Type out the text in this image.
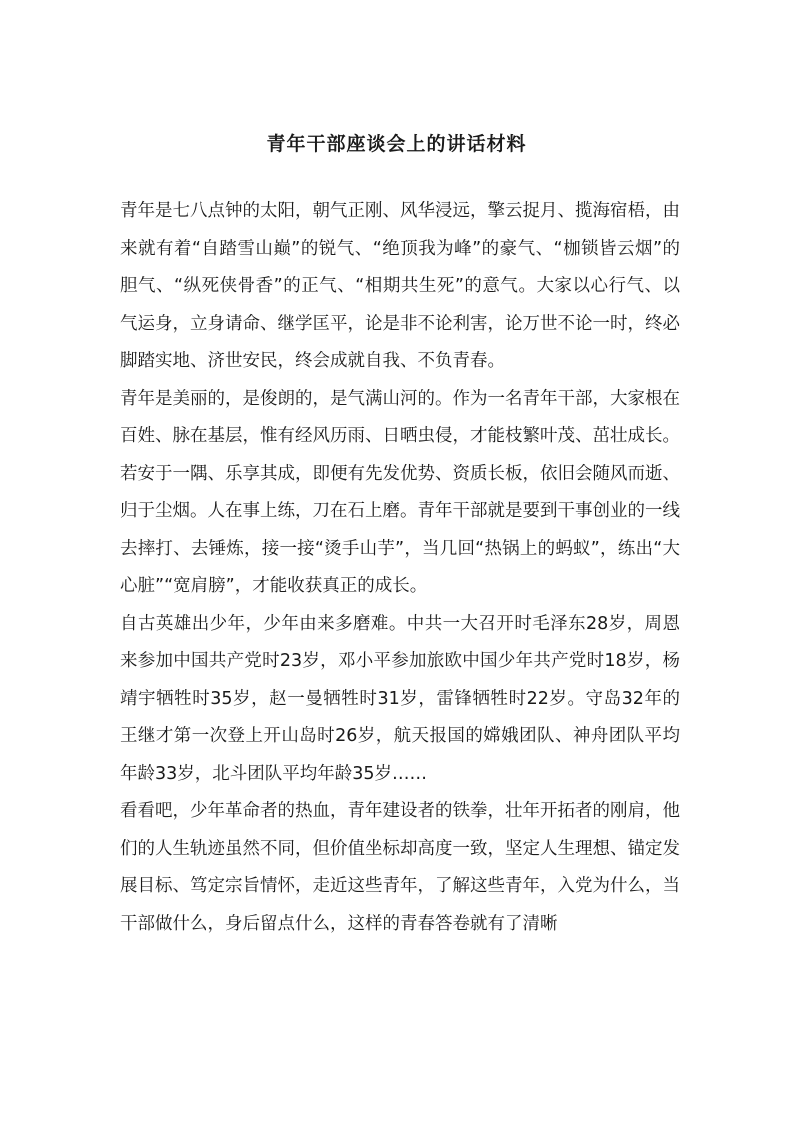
青年干部座谈会上的讲话材料

青年是七八点钟的太阳，朝气正刚、风华浸远，擎云捉月、揽海宿梧，由来就有着“自踏雪山巅”的锐气、“绝顶我为峰”的豪气、“枷锁皆云烟”的胆气、“纵死侠骨香”的正气、“相期共生死”的意气。大家以心行气、以气运身，立身请命、继学匡平，论是非不论利害，论万世不论一时，终必脚踏实地、济世安民，终会成就自我、不负青春。

青年是美丽的，是俊朗的，是气满山河的。作为一名青年干部，大家根在百姓、脉在基层，惟有经风历雨、日晒虫侵，才能枝繁叶茂、茁壮成长。若安于一隅、乐享其成，即便有先发优势、资质长板，依旧会随风而逝、归于尘烟。人在事上练，刀在石上磨。青年干部就是要到干事创业的一线去摔打、去锤炼，接一接“烫手山芋”，当几回“热锅上的蚂蚁”，练出“大心脏”“宽肩膀”，才能收获真正的成长。

自古英雄出少年，少年由来多磨难。中共一大召开时毛泽东28岁，周恩来参加中国共产党时23岁，邓小平参加旅欧中国少年共产党时18岁，杨靖宇牺牲时35岁，赵一曼牺牲时31岁，雷锋牺牲时22岁。守岛32年的王继才第一次登上开山岛时26岁，航天报国的嫦娥团队、神舟团队平均年龄33岁，北斗团队平均年龄35岁……

看看吧，少年革命者的热血，青年建设者的铁拳，壮年开拓者的刚肩，他们的人生轨迹虽然不同，但价值坐标却高度一致，坚定人生理想、锚定发展目标、笃定宗旨情怀，走近这些青年，了解这些青年，入党为什么，当干部做什么，身后留点什么，这样的青春答卷就有了清晰
